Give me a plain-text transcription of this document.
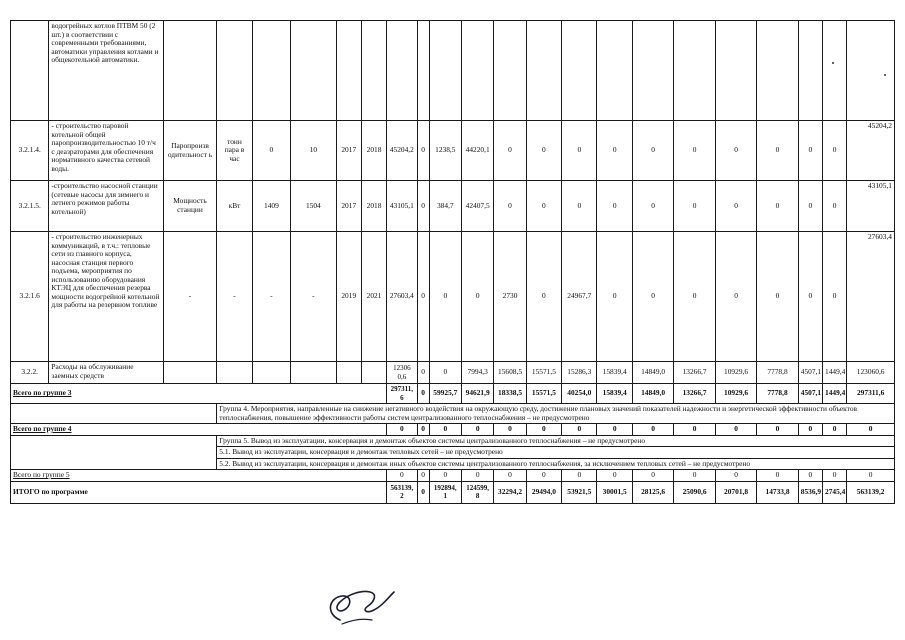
	водогрейных котлов ПТВМ 50 (2 шт.) в соответствии с современными требованиями, автоматики управления котлами и общекотельной автоматики.																					
3.2.1.4.	- строительство паровой котельной общей паропроизводительностью 10 т/ч с деазраторами для обеспечения нормативного качества сетевой воды.	Паропроизв одительност ь	тонн пара в час	0	10	2017	2018	45204,2	0	1238,5	44220,1	0	0	0	0	0	0	0	0	0	0	45204,2
3.2.1.5.	-строительство насосной станции (сетевые насосы для зимнего и летнего режимов работы котельной)	Мощность станции	кВт	1409	1504	2017	2018	43105,1	0	384,7	42407,5	0	0	0	0	0	0	0	0	0	0	43105,1
3.2.1.6	- строительство инженерных коммуникаций, в т.ч.: тепловые сети из главного корпуса, насосная станция первого подъема, мероприятия по использованию оборудования КТЭЦ для обеспечения резерва мощности водогрейной котельной для работы на резервном топливе	-	-	-	-	2019	2021	27603,4	0	0	0	2730	0	24967,7	0	0	0	0	0	0	0	27603,4
3.2.2.	Расходы на обслуживание заемных средств							12306 0,6	0	0	7994,3	15608,5	15571,5	15286,3	15839,4	14849,0	13266,7	10929,6	7778,8	4507,1	1449,4	123060,6
Всего по группе 3								297311, 6	0	59925,7	94621,9	18338,5	15571,5	40254,0	15839,4	14849,0	13266,7	10929,6	7778,8	4507,1	1449,4	297311,6
			Группа 4. Мероприятия, направленные на снижение негативного воздействия на окружающую среду, достижение плановых значений показателей надежности и энергетической эффективности объектов теплоснабжения, повышение эффективности работы систем централизованного теплоснабжения – не предусмотрено																			
Всего по группе 4								0	0	0	0	0	0	0	0	0	0	0	0	0	0	0
			Группа 5. Вывод из эксплуатации, консервация и демонтаж объектов системы централизованного теплоснабжения – не предусмотрено																			
			5.1. Вывод из эксплуатации, консервация и демонтаж тепловых сетей – не предусмотрено																			
			5.2. Вывод из эксплуатации, консервация и демонтаж иных объектов системы централизованного теплоснабжения, за исключением тепловых сетей – не предусмотрено																			
Всего по группе 5								0	0	0	0	0	0	0	0	0	0	0	0	0	0	0
ИТОГО по программе								563139, 2	0	192894, 1	124599, 8	32294,2	29494,0	53921,5	30001,5	28125,6	25090,6	20701,8	14733,8	8536,9	2745,4	563139,2
